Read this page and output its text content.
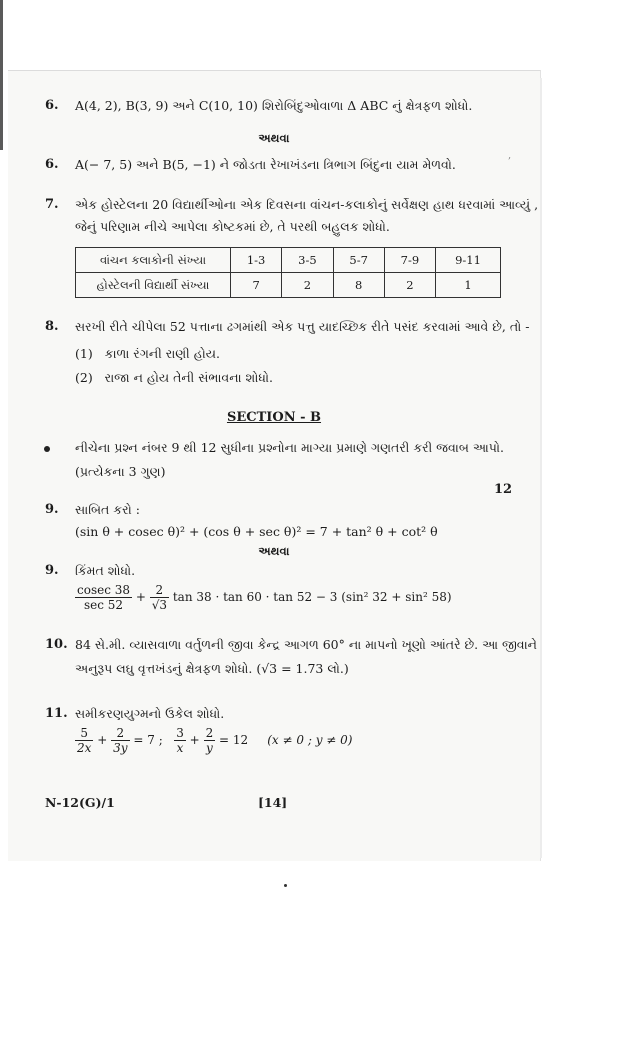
6. A(4, 2), B(3, 9) અને C(10, 10) શિરોબિંદુઓવાળા Δ ABC નું ક્ષેત્રફળ શોધો.
અથવા
6. A(− 7, 5) અને B(5, −1) ને જોડતા રેખાખંડના ત્રિભાગ બિંદુના યામ મેળવો.
,
7. એક હોસ્ટેલના 20 વિદ્યાર્થીઓના એક દિવસના વાંચન-કલાકોનું સર્વેક્ષણ હાથ ધરવામાં આવ્યું ,
જેનું પરિણામ નીચે આપેલા કોષ્ટકમાં છે, તે પરથી બહુલક શોધો.
વાંચન કલાકોની સંખ્યા	1-3	3-5	5-7	7-9	9-11
હોસ્ટેલની વિદ્યાર્થી સંખ્યા	7	2	8	2	1
8. સરખી રીતે ચીપેલા 52 પત્તાના ઢગમાંથી એક પત્તુ યાદચ્છિક રીતે પસંદ કરવામાં આવે છે, તો -
(1)   કાળા રંગની રાણી હોય.
(2)   રાજા ન હોય તેની સંભાવના શોધો.
SECTION - B
નીચેના પ્રશ્ન નંબર 9 થી 12 સુધીના પ્રશ્નોના માગ્યા પ્રમાણે ગણતરી કરી જવાબ આપો.
(પ્રત્યેકના 3 ગુણ)
12
9. સાબિત કરો :
(sin θ + cosec θ)² + (cos θ + sec θ)² = 7 + tan² θ + cot² θ
અથવા
9. કિંમત શોધો.
$\frac{cosec 38}{\sec 52} + \frac{2}{√3}$ tan 38 · tan 60 · tan 52 − 3 (sin² 32 + sin² 58)
10. 84 સે.મી. વ્યાસવાળા વર્તુળની જીવા કેન્દ્ર આગળ 60° ના માપનો ખૂણો આંતરે છે. આ જીવાને
અનુરૂપ લઘુ વૃત્તખંડનું ક્ષેત્રફળ શોધો. (√3 = 1.73 લો.)
11. સમીકરણયુગ્મનો ઉકેલ શોધો.
$\frac{5}{2x} + \frac{2}{3y} = 7$ ; $\frac{3}{x} + \frac{2}{y} = 12$ (x ≠ 0 ; y ≠ 0)
N-12(G)/1	[14]
